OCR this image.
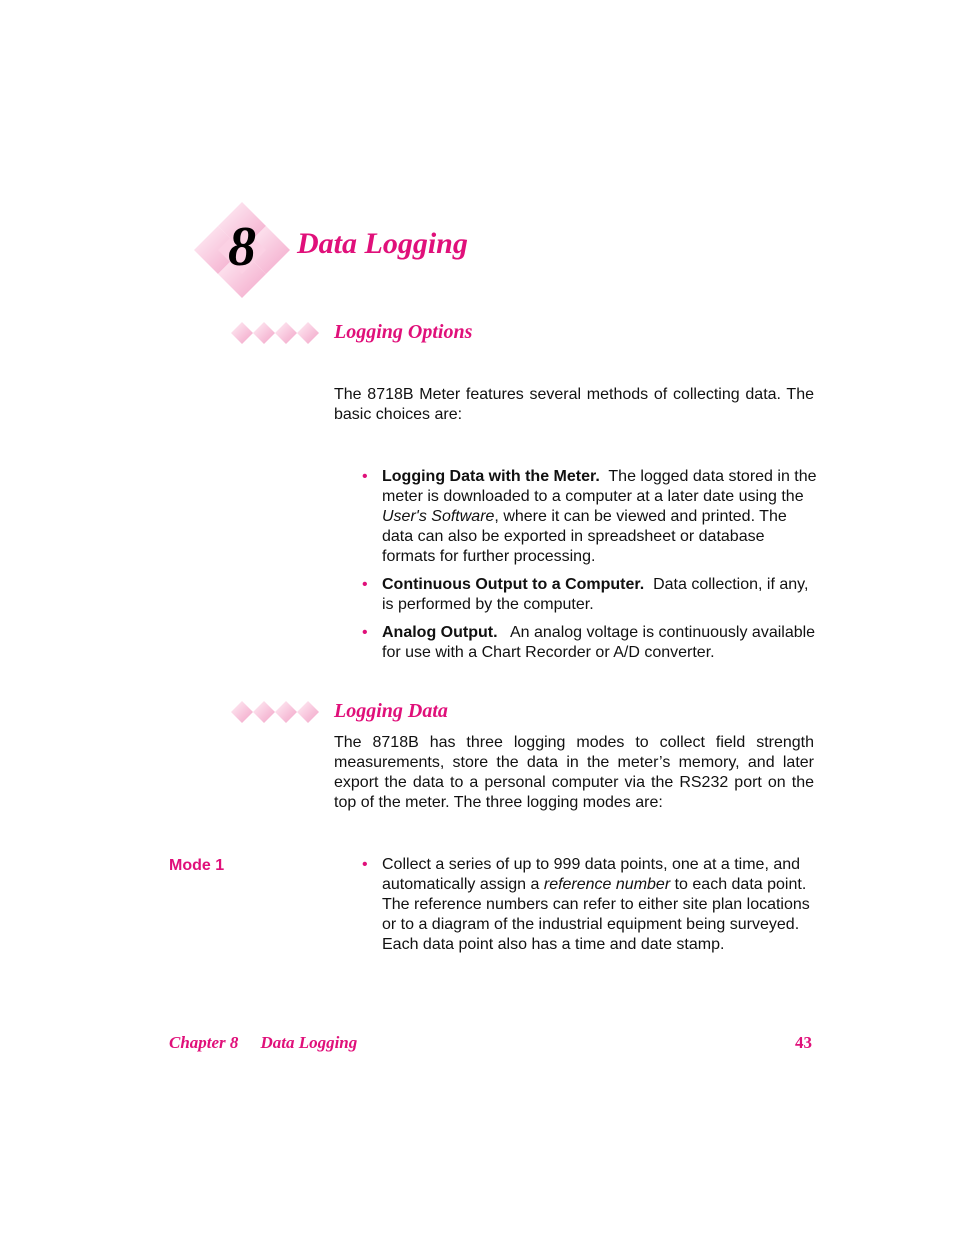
8	Data Logging
Logging Options
The 8718B Meter features several methods of collecting data. The basic choices are:
• Logging Data with the Meter. The logged data stored in the meter is downloaded to a computer at a later date using the User's Software, where it can be viewed and printed. The data can also be exported in spreadsheet or database formats for further processing.
• Continuous Output to a Computer. Data collection, if any, is performed by the computer.
• Analog Output. An analog voltage is continuously available for use with a Chart Recorder or A/D converter.
Logging Data
The 8718B has three logging modes to collect field strength measurements, store the data in the meter’s memory, and later export the data to a personal computer via the RS232 port on the top of the meter. The three logging modes are:
Mode 1	• Collect a series of up to 999 data points, one at a time, and automatically assign a reference number to each data point. The reference numbers can refer to either site plan locations or to a diagram of the industrial equipment being surveyed. Each data point also has a time and date stamp.
Chapter 8 Data Logging	43
